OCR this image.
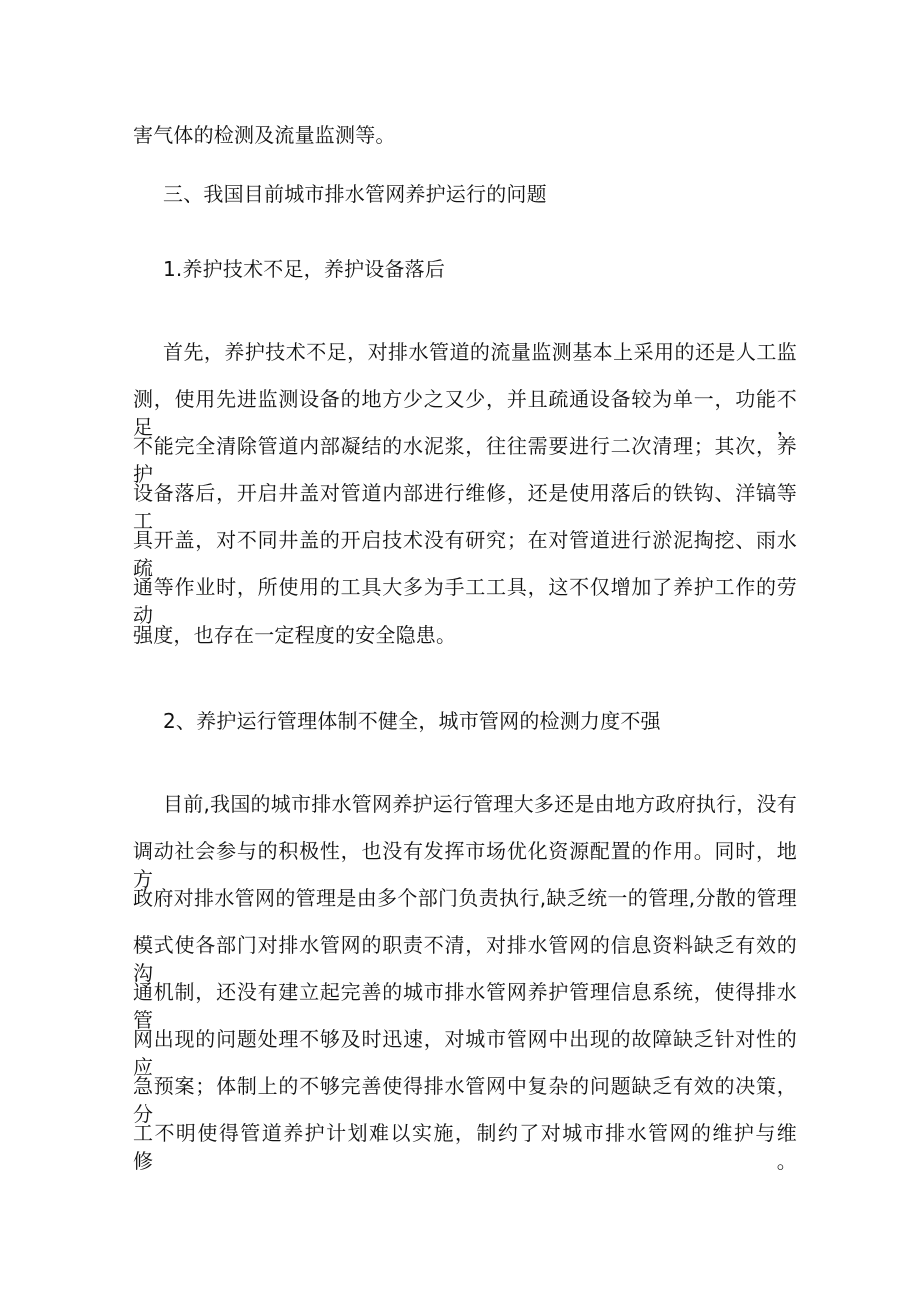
害气体的检测及流量监测等。
三、我国目前城市排水管网养护运行的问题
1.养护技术不足，养护设备落后
首先，养护技术不足，对排水管道的流量监测基本上采用的还是人工监
测，使用先进监测设备的地方少之又少，并且疏通设备较为单一，功能不足，
不能完全清除管道内部凝结的水泥浆，往往需要进行二次清理；其次，养护
设备落后，开启井盖对管道内部进行维修，还是使用落后的铁钩、洋镐等工
具开盖，对不同井盖的开启技术没有研究；在对管道进行淤泥掏挖、雨水疏
通等作业时，所使用的工具大多为手工工具，这不仅增加了养护工作的劳动
强度，也存在一定程度的安全隐患。
2、养护运行管理体制不健全，城市管网的检测力度不强
目前,我国的城市排水管网养护运行管理大多还是由地方政府执行，没有
调动社会参与的积极性，也没有发挥市场优化资源配置的作用。同时，地方
政府对排水管网的管理是由多个部门负责执行,缺乏统一的管理,分散的管理
模式使各部门对排水管网的职责不清，对排水管网的信息资料缺乏有效的沟
通机制，还没有建立起完善的城市排水管网养护管理信息系统，使得排水管
网出现的问题处理不够及时迅速，对城市管网中出现的故障缺乏针对性的应
急预案；体制上的不够完善使得排水管网中复杂的问题缺乏有效的决策，分
工不明使得管道养护计划难以实施，制约了对城市排水管网的维护与维修。
